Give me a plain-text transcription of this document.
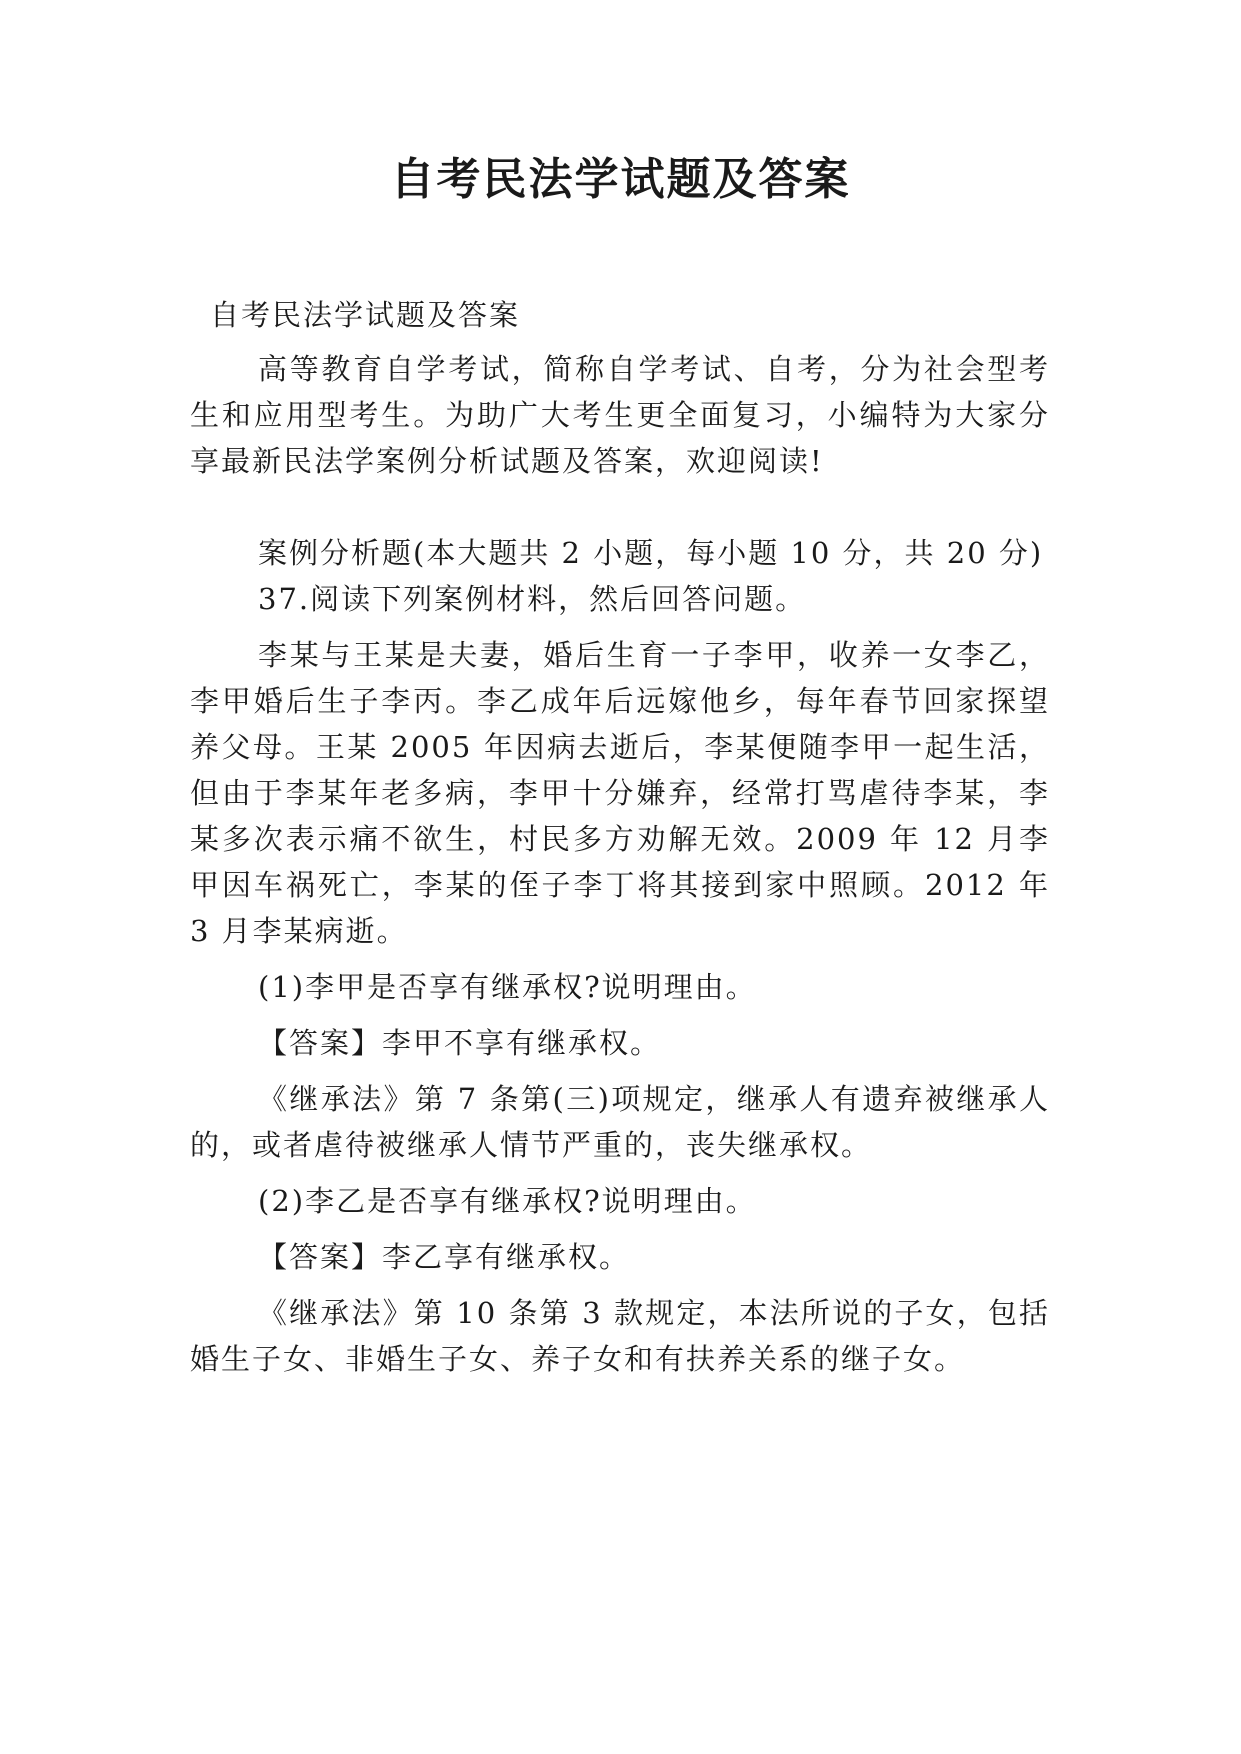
自考民法学试题及答案

自考民法学试题及答案

高等教育自学考试，简称自学考试、自考，分为社会型考生和应用型考生。为助广大考生更全面复习，小编特为大家分享最新民法学案例分析试题及答案，欢迎阅读!

案例分析题(本大题共 2 小题，每小题 10 分，共 20 分)

37.阅读下列案例材料，然后回答问题。

李某与王某是夫妻，婚后生育一子李甲，收养一女李乙，李甲婚后生子李丙。李乙成年后远嫁他乡，每年春节回家探望养父母。王某 2005 年因病去逝后，李某便随李甲一起生活，但由于李某年老多病，李甲十分嫌弃，经常打骂虐待李某，李某多次表示痛不欲生，村民多方劝解无效。2009 年 12 月李甲因车祸死亡，李某的侄子李丁将其接到家中照顾。2012 年 3 月李某病逝。

(1)李甲是否享有继承权?说明理由。

【答案】李甲不享有继承权。

《继承法》第 7 条第(三)项规定，继承人有遗弃被继承人的，或者虐待被继承人情节严重的，丧失继承权。

(2)李乙是否享有继承权?说明理由。

【答案】李乙享有继承权。

《继承法》第 10 条第 3 款规定，本法所说的子女，包括婚生子女、非婚生子女、养子女和有扶养关系的继子女。
